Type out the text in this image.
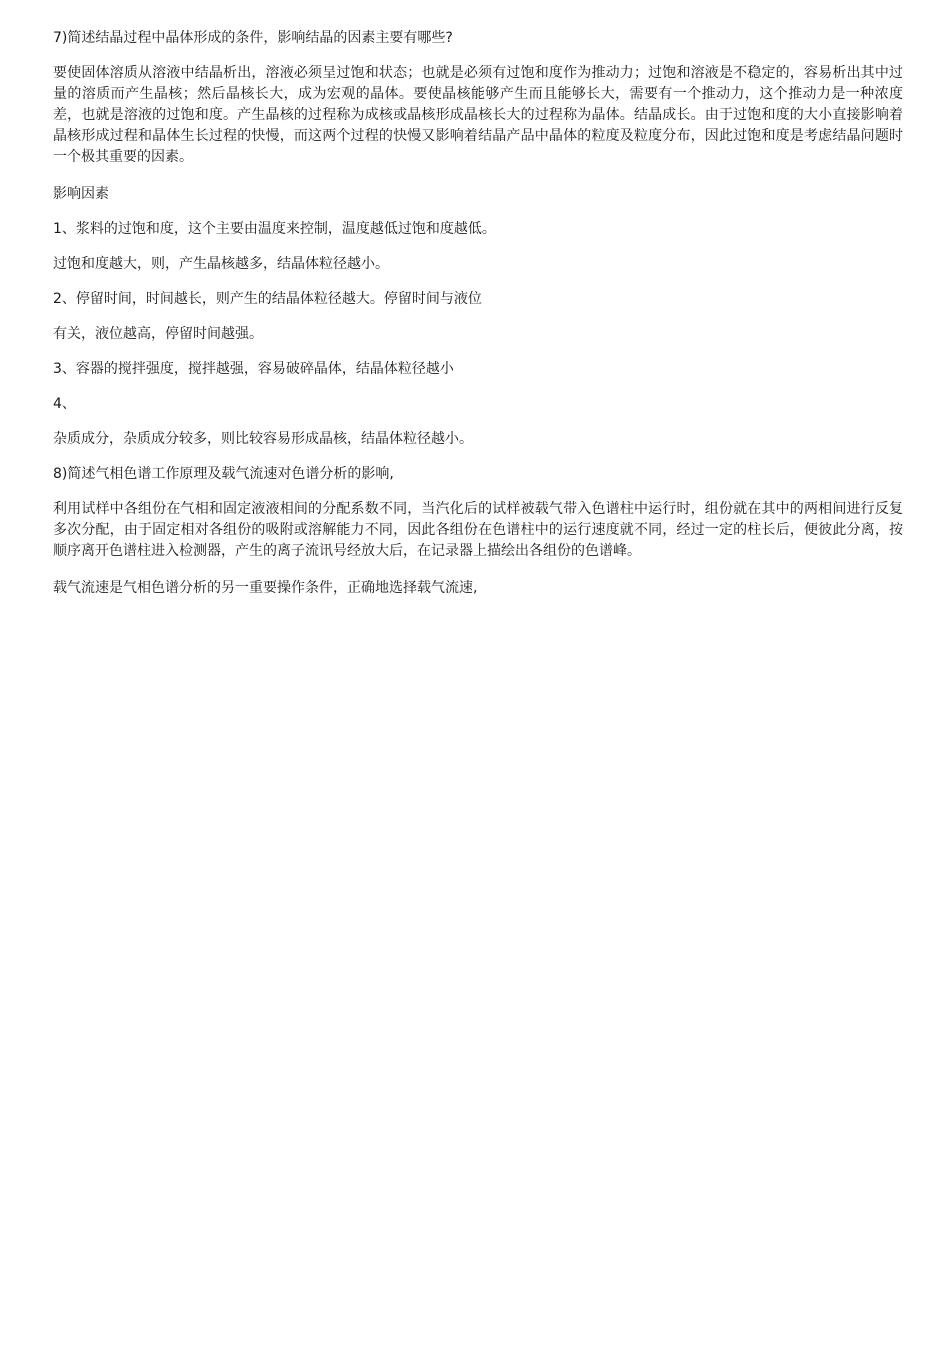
7)简述结晶过程中晶体形成的条件，影响结晶的因素主要有哪些?

要使固体溶质从溶液中结晶析出，溶液必须呈过饱和状态；也就是必须有过饱和度作为推动力；过饱和溶液是不稳定的，容易析出其中过量的溶质而产生晶核；然后晶核长大，成为宏观的晶体。要使晶核能够产生而且能够长大，需要有一个推动力，这个推动力是一种浓度差，也就是溶液的过饱和度。产生晶核的过程称为成核或晶核形成晶核长大的过程称为晶体。结晶成长。由于过饱和度的大小直接影响着晶核形成过程和晶体生长过程的快慢，而这两个过程的快慢又影响着结晶产品中晶体的粒度及粒度分布，因此过饱和度是考虑结晶问题时一个极其重要的因素。

影响因素

1、浆料的过饱和度，这个主要由温度来控制，温度越低过饱和度越低。

过饱和度越大，则，产生晶核越多，结晶体粒径越小。

2、停留时间，时间越长，则产生的结晶体粒径越大。停留时间与液位

有关，液位越高，停留时间越强。

3、容器的搅拌强度，搅拌越强，容易破碎晶体，结晶体粒径越小

4、

杂质成分，杂质成分较多，则比较容易形成晶核，结晶体粒径越小。

8)简述气相色谱工作原理及载气流速对色谱分析的影响,

利用试样中各组份在气相和固定液液相间的分配系数不同，当汽化后的试样被载气带入色谱柱中运行时，组份就在其中的两相间进行反复多次分配，由于固定相对各组份的吸附或溶解能力不同，因此各组份在色谱柱中的运行速度就不同，经过一定的柱长后，便彼此分离，按顺序离开色谱柱进入检测器，产生的离子流讯号经放大后，在记录器上描绘出各组份的色谱峰。

载气流速是气相色谱分析的另一重要操作条件，正确地选择载气流速,
